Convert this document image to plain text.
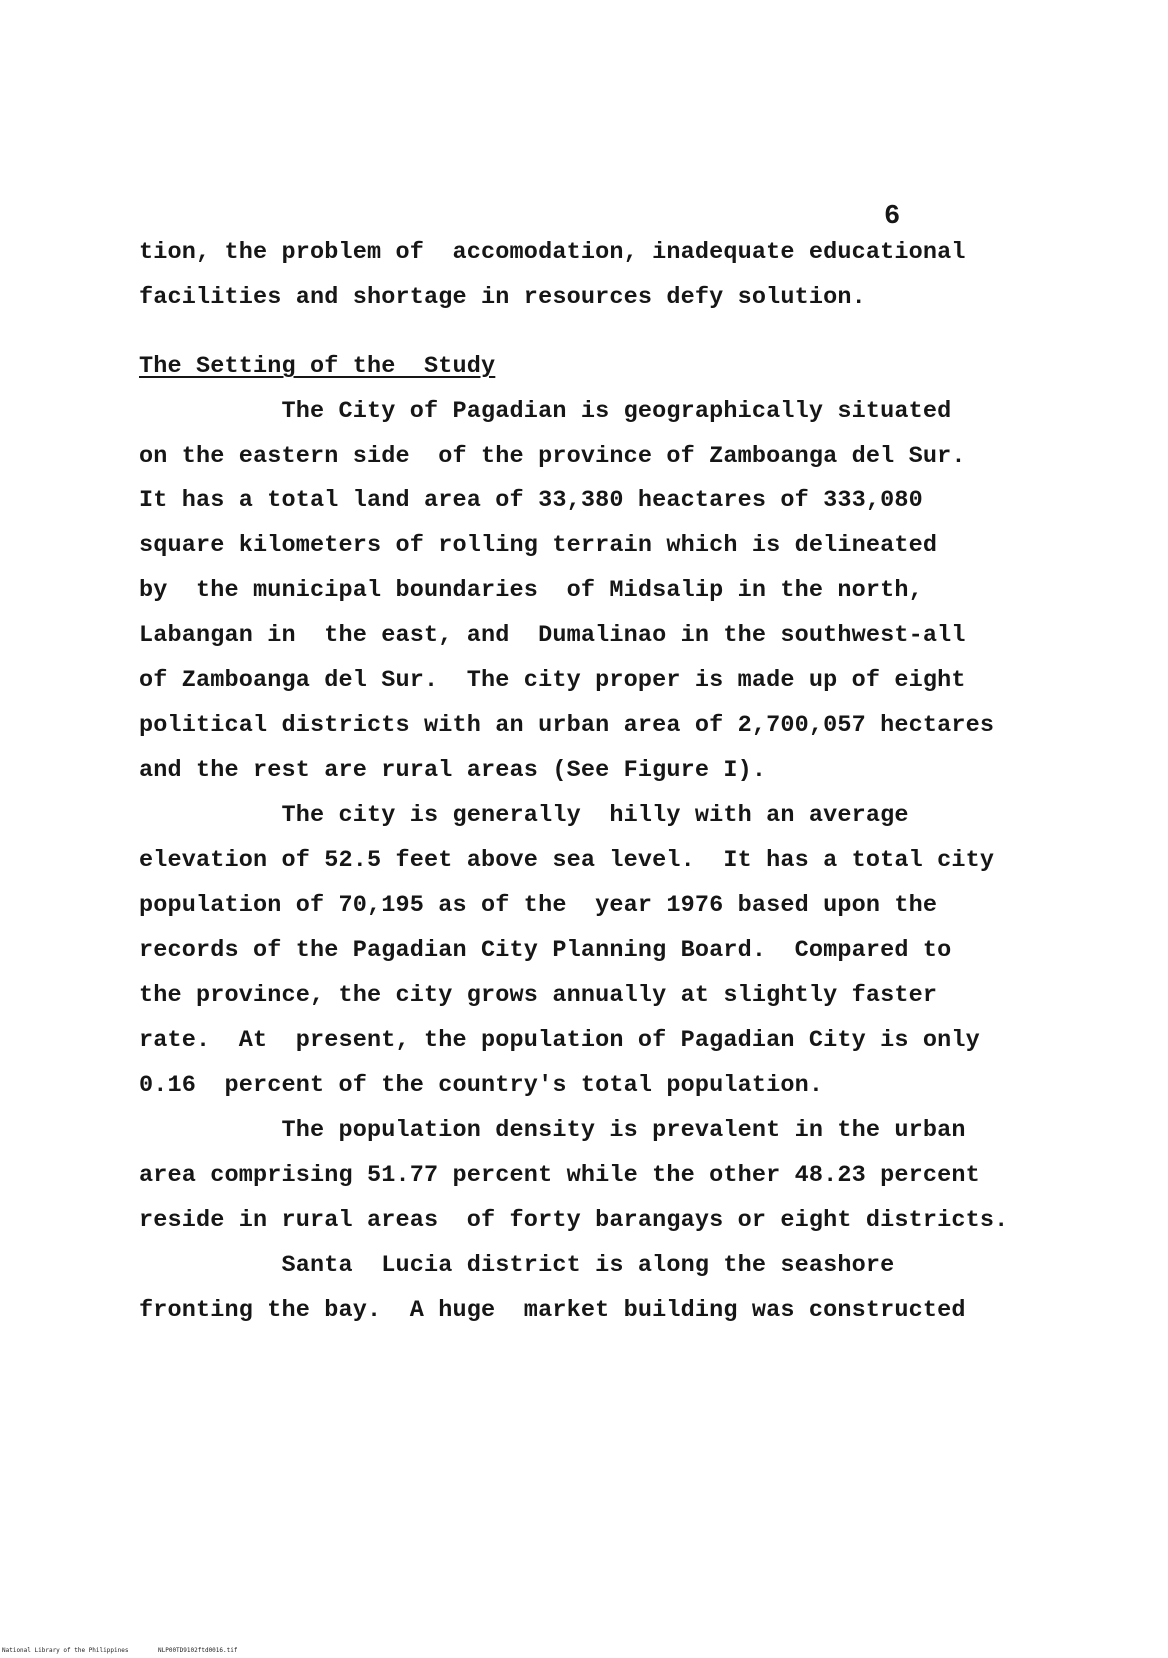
6
tion, the problem of  accomodation, inadequate educational
facilities and shortage in resources defy solution.
The Setting of the  Study
The City of Pagadian is geographically situated
on the eastern side  of the province of Zamboanga del Sur.
It has a total land area of 33,380 heactares of 333,080
square kilometers of rolling terrain which is delineated
by  the municipal boundaries  of Midsalip in the north,
Labangan in  the east, and  Dumalinao in the southwest-all
of Zamboanga del Sur.  The city proper is made up of eight
political districts with an urban area of 2,700,057 hectares
and the rest are rural areas (See Figure I).
The city is generally  hilly with an average
elevation of 52.5 feet above sea level.  It has a total city
population of 70,195 as of the  year 1976 based upon the
records of the Pagadian City Planning Board.  Compared to
the province, the city grows annually at slightly faster
rate.  At  present, the population of Pagadian City is only
0.16  percent of the country's total population.
The population density is prevalent in the urban
area comprising 51.77 percent while the other 48.23 percent
reside in rural areas  of forty barangays or eight districts.
Santa  Lucia district is along the seashore
fronting the bay.  A huge  market building was constructed
National Library of the Philippines	NLP00TD9102ftd0016.tif
